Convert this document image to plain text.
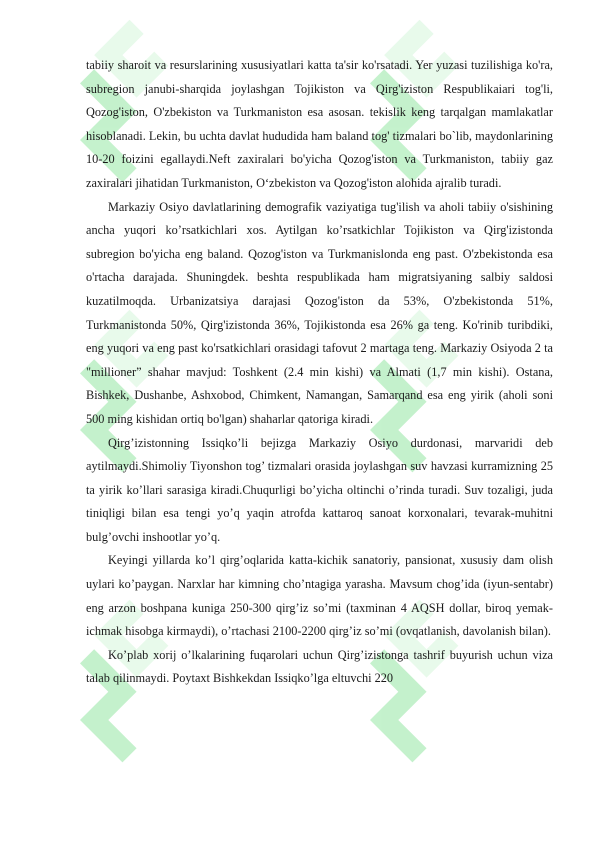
tabiiy sharoit va resurslarining xususiyatlari katta ta'sir ko'rsatadi. Yer yuzasi tuzilishiga ko'ra, subregion janubi-sharqida joylashgan Tojikiston va Qirg'iziston Respublikaiari tog'li, Qozog'iston, O'zbekiston va Turkmaniston esa asosan. tekislik keng tarqalgan mamlakatlar hisoblanadi. Lekin, bu uchta davlat hududida ham baland tog' tizmalari bo`lib, maydonlarining 10-20 foizini egallaydi.Neft zaxiralari bo'yicha Qozog'iston va Turkmaniston, tabiiy gaz zaxiralari jihatidan Turkmaniston, Oʻzbekiston va Qozog'iston alohida ajralib turadi.

Markaziy Osiyo davlatlarining demografik vaziyatiga tug'ilish va aholi tabiiy o'sishining ancha yuqori ko’rsatkichlari xos. Aytilgan ko’rsatkichlar Tojikiston va Qirg'izistonda subregion bo'yicha eng baland. Qozog'iston va Turkmanislonda eng past. O'zbekistonda esa o'rtacha darajada. Shuningdek. beshta respublikada ham migratsiyaning salbiy saldosi kuzatilmoqda. Urbanizatsiya darajasi Qozog'iston da 53%, O'zbekistonda 51%, Turkmanistonda 50%, Qirg'izistonda 36%, Tojikistonda esa 26% ga teng. Ko'rinib turibdiki, eng yuqori va eng past ko'rsatkichlari orasidagi tafovut 2 martaga teng. Markaziy Osiyoda 2 ta "millioner” shahar mavjud: Toshkent (2.4 min kishi) va Almati (1,7 min kishi). Ostana, Bishkek, Dushanbe, Ashxobod, Chimkent, Namangan, Samarqand esa eng yirik (aholi soni 500 ming kishidan ortiq bo'lgan) shaharlar qatoriga kiradi.

Qirg’izistonning Issiqko’li bejizga Markaziy Osiyo durdonasi, marvaridi deb aytilmaydi.Shimoliy Tiyonshon tog’ tizmalari orasida joylashgan suv havzasi kurramizning 25 ta yirik ko’llari sarasiga kiradi.Chuqurligi bo’yicha oltinchi o’rinda turadi. Suv tozaligi, juda tiniqligi bilan esa tengi yo’q yaqin atrofda kattaroq sanoat korxonalari, tevarak-muhitni bulg’ovchi inshootlar yo’q.

Keyingi yillarda ko’l qirg’oqlarida katta-kichik sanatoriy, pansionat, xususiy dam olish uylari ko’paygan. Narxlar har kimning cho’ntagiga yarasha. Mavsum chog’ida (iyun-sentabr) eng arzon boshpana kuniga 250-300 qirg’iz so’mi (taxminan 4 AQSH dollar, biroq yemak-ichmak hisobga kirmaydi), o’rtachasi 2100-2200 qirg’iz so’mi (ovqatlanish, davolanish bilan).

Ko’plab xorij o’lkalarining fuqarolari uchun Qirg’izistonga tashrif buyurish uchun viza talab qilinmaydi. Poytaxt Bishkekdan Issiqko’lga eltuvchi 220
